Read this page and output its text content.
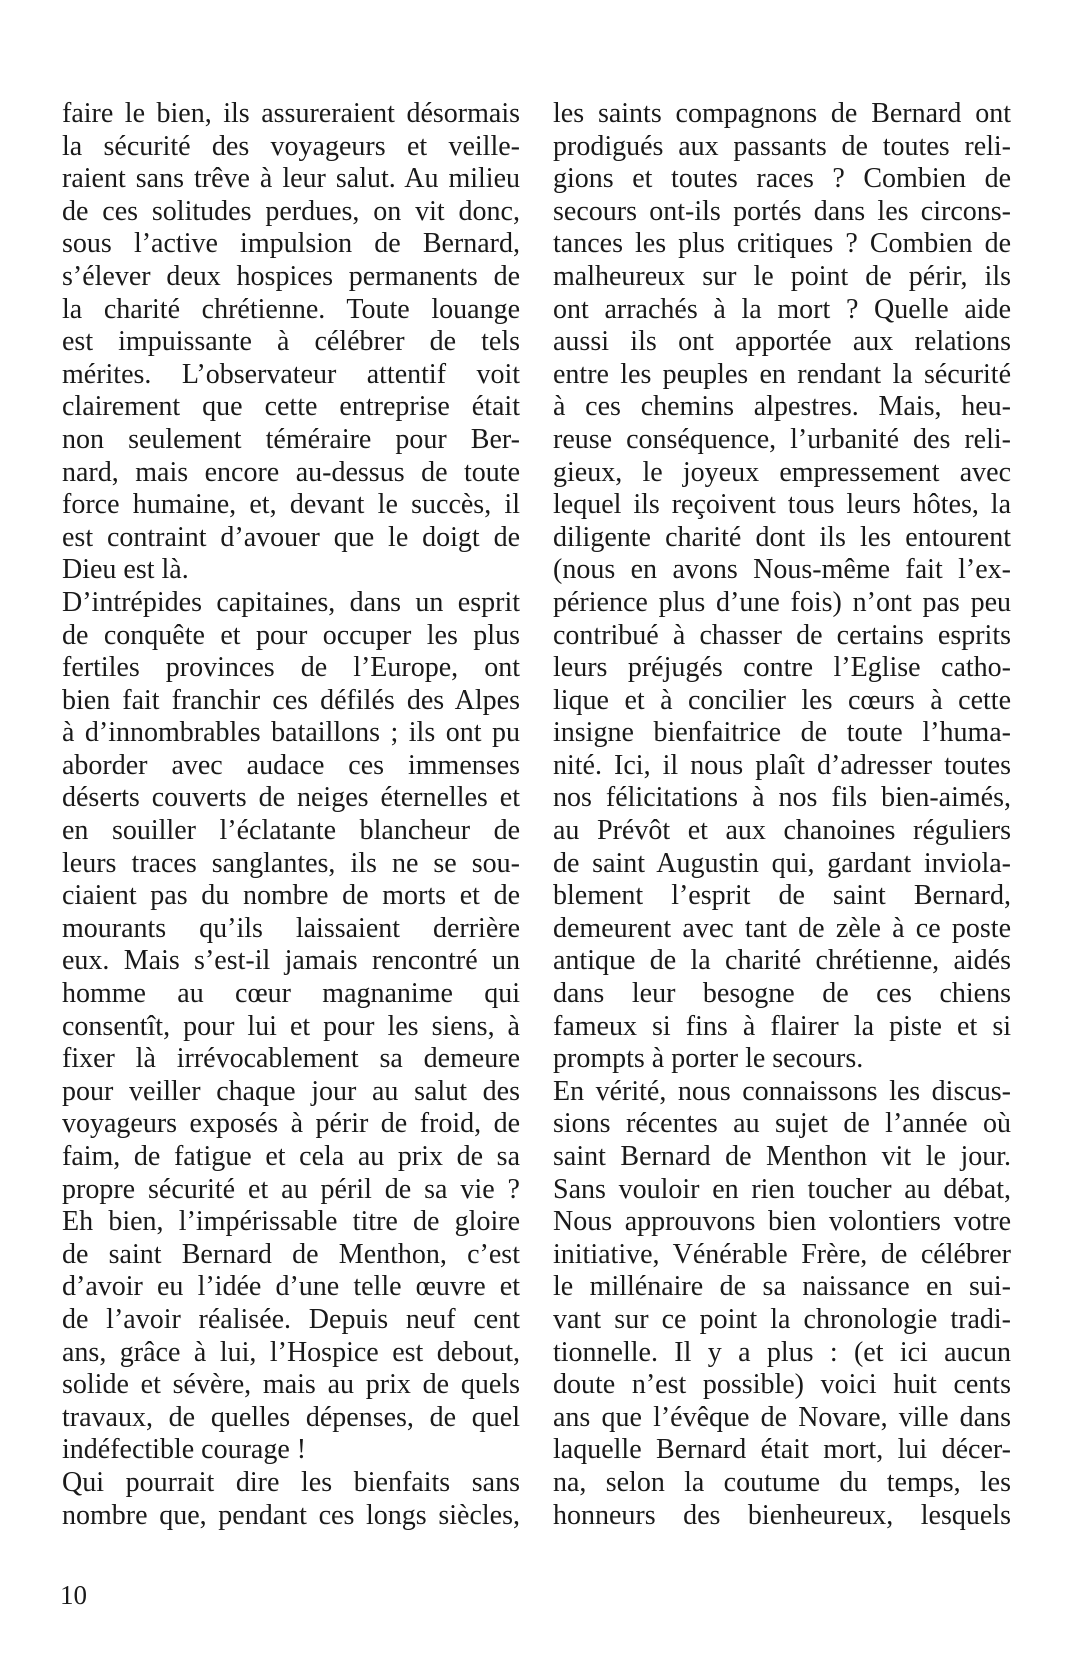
faire le bien, ils assureraient désormais
la sécurité des voyageurs et veille-
raient sans trêve à leur salut. Au milieu
de ces solitudes perdues, on vit donc,
sous l’active impulsion de Bernard,
s’élever deux hospices permanents de
la charité chrétienne. Toute louange
est impuissante à célébrer de tels
mérites. L’observateur attentif voit
clairement que cette entreprise était
non seulement téméraire pour Ber-
nard, mais encore au-dessus de toute
force humaine, et, devant le succès, il
est contraint d’avouer que le doigt de
Dieu est là.
D’intrépides capitaines, dans un esprit
de conquête et pour occuper les plus
fertiles provinces de l’Europe, ont
bien fait franchir ces défilés des Alpes
à d’innombrables bataillons ; ils ont pu
aborder avec audace ces immenses
déserts couverts de neiges éternelles et
en souiller l’éclatante blancheur de
leurs traces sanglantes, ils ne se sou-
ciaient pas du nombre de morts et de
mourants qu’ils laissaient derrière
eux. Mais s’est-il jamais rencontré un
homme au cœur magnanime qui
consentît, pour lui et pour les siens, à
fixer là irrévocablement sa demeure
pour veiller chaque jour au salut des
voyageurs exposés à périr de froid, de
faim, de fatigue et cela au prix de sa
propre sécurité et au péril de sa vie ?
Eh bien, l’impérissable titre de gloire
de saint Bernard de Menthon, c’est
d’avoir eu l’idée d’une telle œuvre et
de l’avoir réalisée. Depuis neuf cent
ans, grâce à lui, l’Hospice est debout,
solide et sévère, mais au prix de quels
travaux, de quelles dépenses, de quel
indéfectible courage !
Qui pourrait dire les bienfaits sans
nombre que, pendant ces longs siècles,
les saints compagnons de Bernard ont
prodigués aux passants de toutes reli-
gions et toutes races ? Combien de
secours ont-ils portés dans les circons-
tances les plus critiques ? Combien de
malheureux sur le point de périr, ils
ont arrachés à la mort ? Quelle aide
aussi ils ont apportée aux relations
entre les peuples en rendant la sécurité
à ces chemins alpestres. Mais, heu-
reuse conséquence, l’urbanité des reli-
gieux, le joyeux empressement avec
lequel ils reçoivent tous leurs hôtes, la
diligente charité dont ils les entourent
(nous en avons Nous-même fait l’ex-
périence plus d’une fois) n’ont pas peu
contribué à chasser de certains esprits
leurs préjugés contre l’Eglise catho-
lique et à concilier les cœurs à cette
insigne bienfaitrice de toute l’huma-
nité. Ici, il nous plaît d’adresser toutes
nos félicitations à nos fils bien-aimés,
au Prévôt et aux chanoines réguliers
de saint Augustin qui, gardant inviola-
blement l’esprit de saint Bernard,
demeurent avec tant de zèle à ce poste
antique de la charité chrétienne, aidés
dans leur besogne de ces chiens
fameux si fins à flairer la piste et si
prompts à porter le secours.
En vérité, nous connaissons les discus-
sions récentes au sujet de l’année où
saint Bernard de Menthon vit le jour.
Sans vouloir en rien toucher au débat,
Nous approuvons bien volontiers votre
initiative, Vénérable Frère, de célébrer
le millénaire de sa naissance en sui-
vant sur ce point la chronologie tradi-
tionnelle. Il y a plus : (et ici aucun
doute n’est possible) voici huit cents
ans que l’évêque de Novare, ville dans
laquelle Bernard était mort, lui décer-
na, selon la coutume du temps, les
honneurs des bienheureux, lesquels
10
